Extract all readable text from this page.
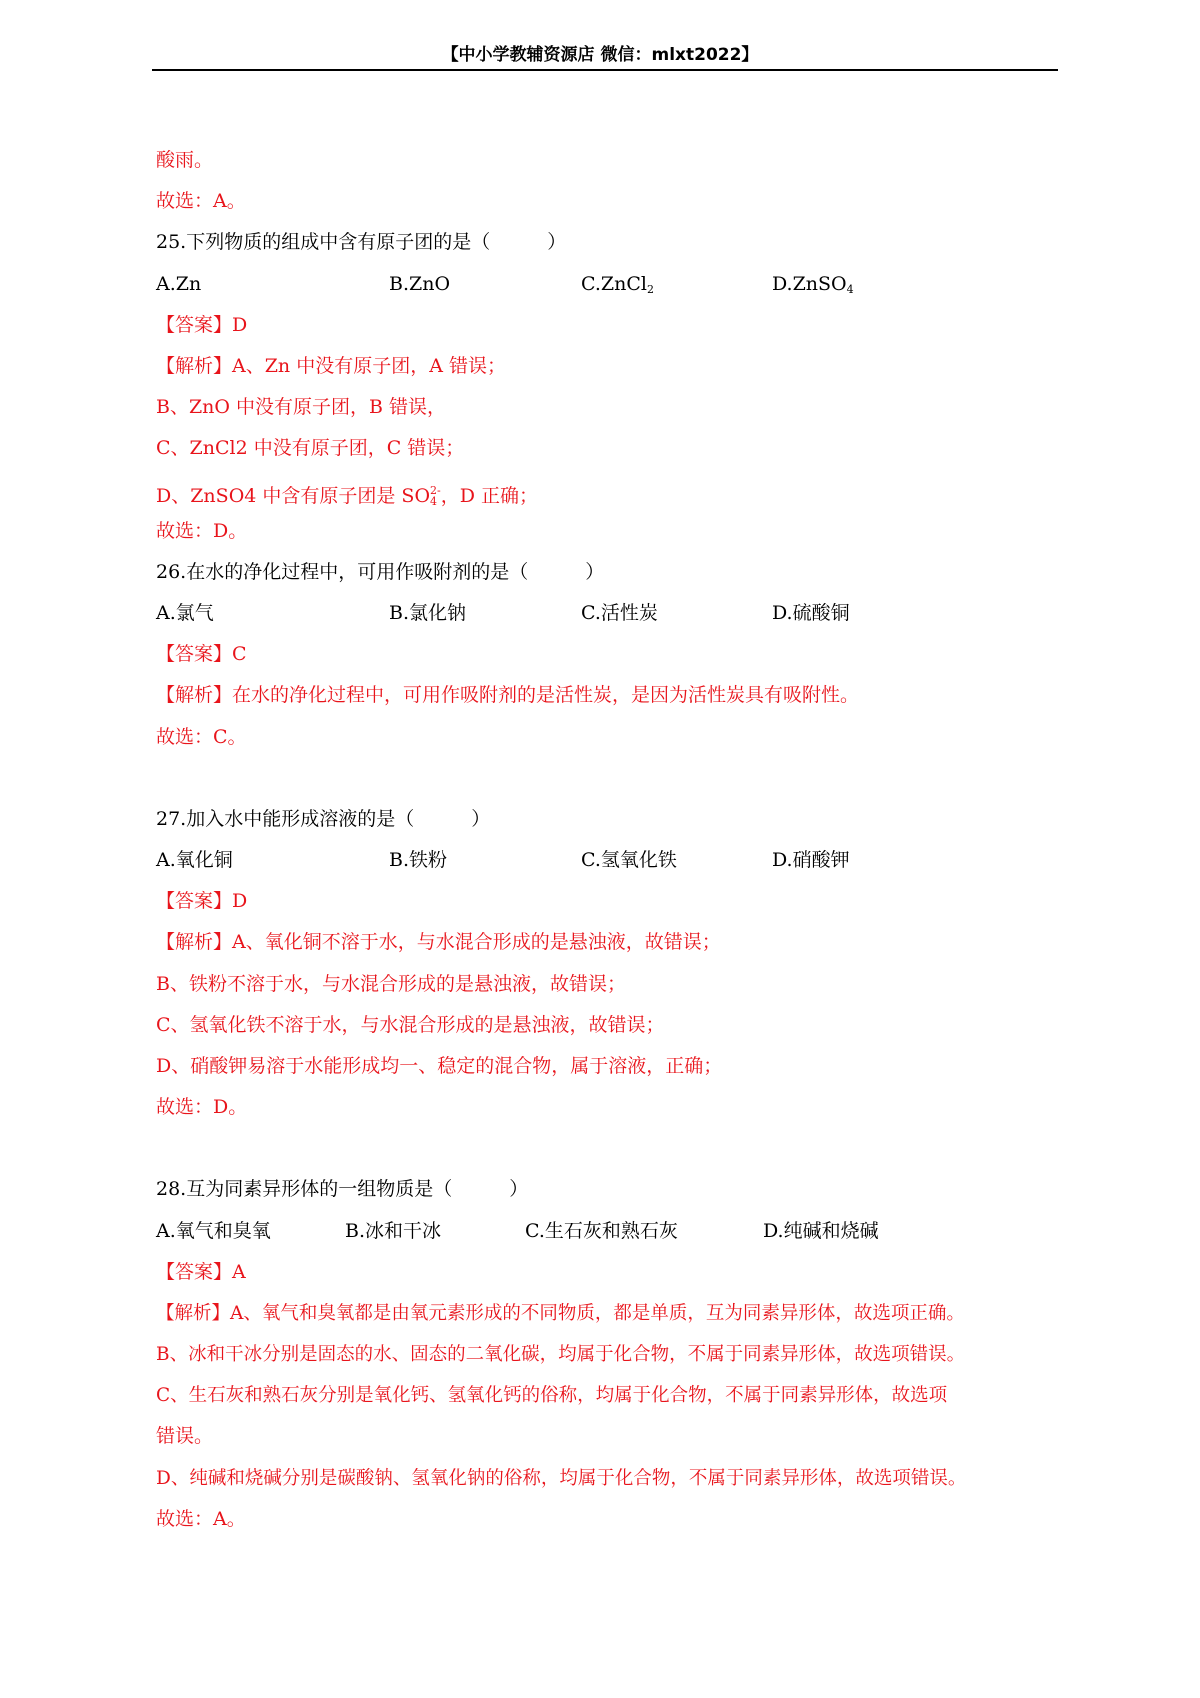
【中小学教辅资源店 微信：mlxt2022】
酸雨。
故选：A。
25.下列物质的组成中含有原子团的是（　　　）
A.Zn	B.ZnO	C.ZnCl$_2$	D.ZnSO$_4$
【答案】D
【解析】A、Zn 中没有原子团，A 错误；
B、ZnO 中没有原子团，B 错误，
C、ZnCl2 中没有原子团，C 错误；
D、ZnSO4 中含有原子团是 $SO_4^{2-}$，D 正确；
故选：D。
26.在水的净化过程中，可用作吸附剂的是（　　　）
A.氯气	B.氯化钠	C.活性炭	D.硫酸铜
【答案】C
【解析】在水的净化过程中，可用作吸附剂的是活性炭，是因为活性炭具有吸附性。
故选：C。
27.加入水中能形成溶液的是（　　　）
A.氧化铜	B.铁粉	C.氢氧化铁	D.硝酸钾
【答案】D
【解析】A、氧化铜不溶于水，与水混合形成的是悬浊液，故错误；
B、铁粉不溶于水，与水混合形成的是悬浊液，故错误；
C、氢氧化铁不溶于水，与水混合形成的是悬浊液，故错误；
D、硝酸钾易溶于水能形成均一、稳定的混合物，属于溶液，正确；
故选：D。
28.互为同素异形体的一组物质是（　　　）
A.氧气和臭氧	B.冰和干冰	C.生石灰和熟石灰	D.纯碱和烧碱
【答案】A
【解析】A、氧气和臭氧都是由氧元素形成的不同物质，都是单质，互为同素异形体，故选项正确。
B、冰和干冰分别是固态的水、固态的二氧化碳，均属于化合物，不属于同素异形体，故选项错误。
C、生石灰和熟石灰分别是氧化钙、氢氧化钙的俗称，均属于化合物，不属于同素异形体，故选项
错误。
D、纯碱和烧碱分别是碳酸钠、氢氧化钠的俗称，均属于化合物，不属于同素异形体，故选项错误。
故选：A。
